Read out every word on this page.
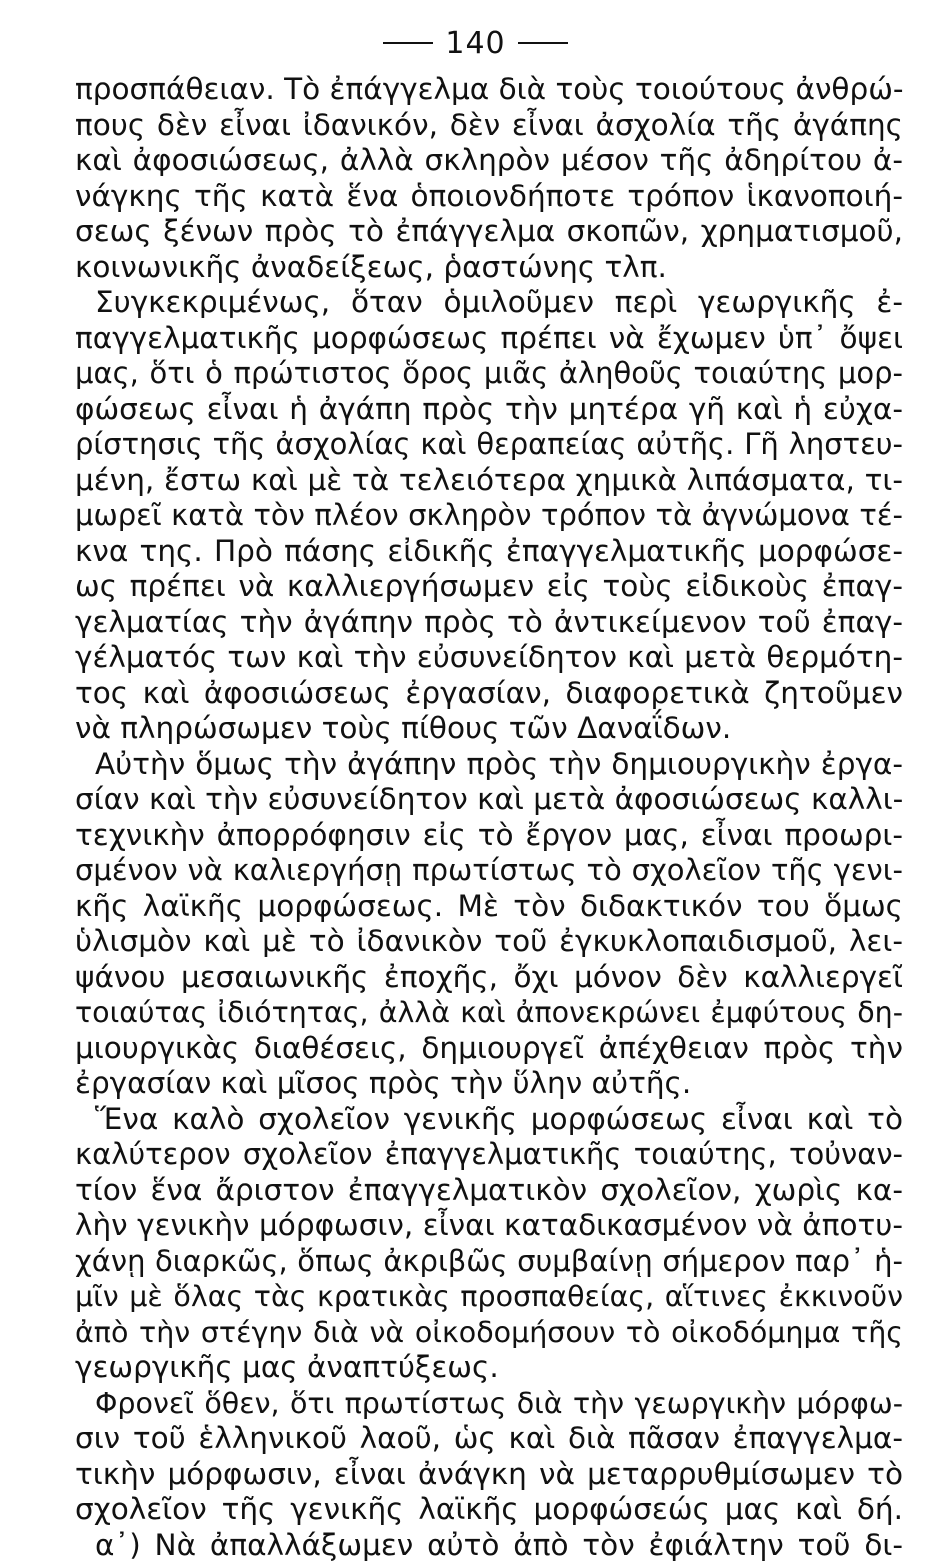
140
προσπάθειαν. Τὸ ἐπάγγελμα διὰ τοὺς τοιούτους ἀνθρώ-
πους δὲν εἶναι ἰδανικόν, δὲν εἶναι ἀσχολία τῆς ἀγάπης
καὶ ἀφοσιώσεως, ἀλλὰ σκληρὸν μέσον τῆς ἀδηρίτου ἀ-
νάγκης τῆς κατὰ ἕνα ὁποιονδήποτε τρόπον ἱκανοποιή-
σεως ξένων πρὸς τὸ ἐπάγγελμα σκοπῶν, χρηματισμοῦ,
κοινωνικῆς ἀναδείξεως, ῥαστώνης τλπ.
Συγκεκριμένως, ὅταν ὁμιλοῦμεν περὶ γεωργικῆς ἐ-
παγγελματικῆς μορφώσεως πρέπει νὰ ἔχωμεν ὑπ᾽ ὄψει
μας, ὅτι ὁ πρώτιστος ὅρος μιᾶς ἀληθοῦς τοιαύτης μορ-
φώσεως εἶναι ἡ ἀγάπη πρὸς τὴν μητέρα γῆ καὶ ἡ εὐχα-
ρίστησις τῆς ἀσχολίας καὶ θεραπείας αὐτῆς. Γῆ ληστευ-
μένη, ἔστω καὶ μὲ τὰ τελειότερα χημικὰ λιπάσματα, τι-
μωρεῖ κατὰ τὸν πλέον σκληρὸν τρόπον τὰ ἀγνώμονα τέ-
κνα της. Πρὸ πάσης εἰδικῆς ἐπαγγελματικῆς μορφώσε-
ως πρέπει νὰ καλλιεργήσωμεν εἰς τοὺς εἰδικοὺς ἐπαγ-
γελματίας τὴν ἀγάπην πρὸς τὸ ἀντικείμενον τοῦ ἐπαγ-
γέλματός των καὶ τὴν εὐσυνείδητον καὶ μετὰ θερμότη-
τος καὶ ἀφοσιώσεως ἐργασίαν, διαφορετικὰ ζητοῦμεν
νὰ πληρώσωμεν τοὺς πίθους τῶν Δαναΐδων.
Αὐτὴν ὅμως τὴν ἀγάπην πρὸς τὴν δημιουργικὴν ἐργα-
σίαν καὶ τὴν εὐσυνείδητον καὶ μετὰ ἀφοσιώσεως καλλι-
τεχνικὴν ἀπορρόφησιν εἰς τὸ ἔργον μας, εἶναι προωρι-
σμένον νὰ καλιεργήσῃ πρωτίστως τὸ σχολεῖον τῆς γενι-
κῆς λαϊκῆς μορφώσεως. Μὲ τὸν διδακτικόν του ὅμως
ὑλισμὸν καὶ μὲ τὸ ἰδανικὸν τοῦ ἐγκυκλοπαιδισμοῦ, λει-
ψάνου μεσαιωνικῆς ἐποχῆς, ὄχι μόνον δὲν καλλιεργεῖ
τοιαύτας ἰδιότητας, ἀλλὰ καὶ ἀπονεκρώνει ἐμφύτους δη-
μιουργικὰς διαθέσεις, δημιουργεῖ ἀπέχθειαν πρὸς τὴν
ἐργασίαν καὶ μῖσος πρὸς τὴν ὕλην αὐτῆς.
Ἕνα καλὸ σχολεῖον γενικῆς μορφώσεως εἶναι καὶ τὸ
καλύτερον σχολεῖον ἐπαγγελματικῆς τοιαύτης, τοὐναν-
τίον ἕνα ἄριστον ἐπαγγελματικὸν σχολεῖον, χωρὶς κα-
λὴν γενικὴν μόρφωσιν, εἶναι καταδικασμένον νὰ ἀποτυ-
χάνῃ διαρκῶς, ὅπως ἀκριβῶς συμβαίνῃ σήμερον παρ᾽ ἡ-
μῖν μὲ ὅλας τὰς κρατικὰς προσπαθείας, αἵτινες ἐκκινοῦν
ἀπὸ τὴν στέγην διὰ νὰ οἰκοδομήσουν τὸ οἰκοδόμημα τῆς
γεωργικῆς μας ἀναπτύξεως.
Φρονεῖ ὅθεν, ὅτι πρωτίστως διὰ τὴν γεωργικὴν μόρφω-
σιν τοῦ ἑλληνικοῦ λαοῦ, ὡς καὶ διὰ πᾶσαν ἐπαγγελμα-
τικὴν μόρφωσιν, εἶναι ἀνάγκη νὰ μεταρρυθμίσωμεν τὸ
σχολεῖον τῆς γενικῆς λαϊκῆς μορφώσεώς μας καὶ δή.
α᾽) Νὰ ἀπαλλάξωμεν αὐτὸ ἀπὸ τὸν ἐφιάλτην τοῦ δι-
